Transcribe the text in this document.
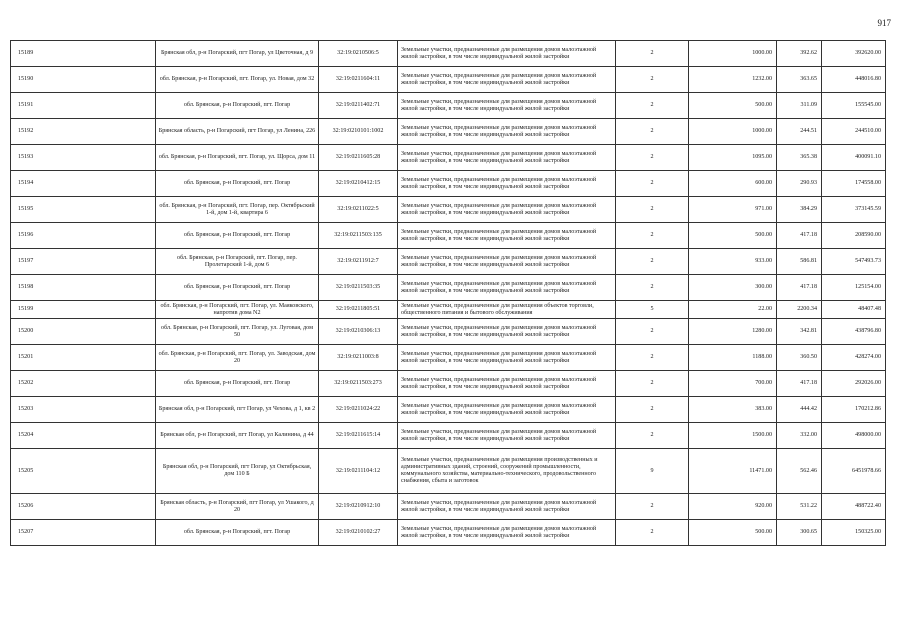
917
15189	Брянская обл, р-н Погарский, пгт Погар, ул Цветочная, д 9	32:19:0210506:5	Земельные участки, предназначенные для размещения домов малоэтажной жилой застройки, в том числе индивидуальной жилой застройки	2	1000.00	392.62	392620.00
15190	обл. Брянская, р-н Погарский, пгт. Погар, ул. Новая, дом 32	32:19:0211604:11	Земельные участки, предназначенные для размещения домов малоэтажной жилой застройки, в том числе индивидуальной жилой застройки	2	1232.00	363.65	448016.80
15191	обл. Брянская, р-н Погарский, пгт. Погар	32:19:0211402:71	Земельные участки, предназначенные для размещения домов малоэтажной жилой застройки, в том числе индивидуальной жилой застройки	2	500.00	311.09	155545.00
15192	Брянская область, р-н Погарский, пгт Погар, ул Ленина, 226	32:19:0210101:1002	Земельные участки, предназначенные для размещения домов малоэтажной жилой застройки, в том числе индивидуальной жилой застройки	2	1000.00	244.51	244510.00
15193	обл. Брянская, р-н Погарский, пгт. Погар, ул. Щорса, дом 11	32:19:0211605:28	Земельные участки, предназначенные для размещения домов малоэтажной жилой застройки, в том числе индивидуальной жилой застройки	2	1095.00	365.38	400091.10
15194	обл. Брянская, р-н Погарский, пгт. Погар	32:19:0210412:15	Земельные участки, предназначенные для размещения домов малоэтажной жилой застройки, в том числе индивидуальной жилой застройки	2	600.00	290.93	174558.00
15195	обл. Брянская, р-н Погарский, пгт. Погар, пер. Октябрьский 1-й, дом 1-й, квартира 6	32:19:0211022:5	Земельные участки, предназначенные для размещения домов малоэтажной жилой застройки, в том числе индивидуальной жилой застройки	2	971.00	384.29	373145.59
15196	обл. Брянская, р-н Погарский, пгт. Погар	32:19:0211503:135	Земельные участки, предназначенные для размещения домов малоэтажной жилой застройки, в том числе индивидуальной жилой застройки	2	500.00	417.18	208590.00
15197	обл. Брянская, р-н Погарский, пгт. Погар, пер. Пролетарский 1-й, дом 6	32:19:0211912:7	Земельные участки, предназначенные для размещения домов малоэтажной жилой застройки, в том числе индивидуальной жилой застройки	2	933.00	586.81	547493.73
15198	обл. Брянская, р-н Погарский, пгт. Погар	32:19:0211503:35	Земельные участки, предназначенные для размещения домов малоэтажной жилой застройки, в том числе индивидуальной жилой застройки	2	300.00	417.18	125154.00
15199	обл. Брянская, р-н Погарский, пгт. Погар, ул. Маяковского, напротив дома N2	32:19:0211805:51	Земельные участки, предназначенные для размещения объектов торговли, общественного питания и бытового обслуживания	5	22.00	2200.34	48407.48
15200	обл. Брянская, р-н Погарский, пгт. Погар, ул. Луговая, дом 50	32:19:0210306:13	Земельные участки, предназначенные для размещения домов малоэтажной жилой застройки, в том числе индивидуальной жилой застройки	2	1280.00	342.81	438796.80
15201	обл. Брянская, р-н Погарский, пгт. Погар, ул. Заводская, дом 20	32:19:0211003:8	Земельные участки, предназначенные для размещения домов малоэтажной жилой застройки, в том числе индивидуальной жилой застройки	2	1188.00	360.50	428274.00
15202	обл. Брянская, р-н Погарский, пгт. Погар	32:19:0211503:273	Земельные участки, предназначенные для размещения домов малоэтажной жилой застройки, в том числе индивидуальной жилой застройки	2	700.00	417.18	292026.00
15203	Брянская обл, р-н Погарский, пгт Погар, ул Чехова, д 1, кв 2	32:19:0211024:22	Земельные участки, предназначенные для размещения домов малоэтажной жилой застройки, в том числе индивидуальной жилой застройки	2	383.00	444.42	170212.86
15204	Брянская обл, р-н Погарский, пгт Погар, ул Калинина, д 44	32:19:0211615:14	Земельные участки, предназначенные для размещения домов малоэтажной жилой застройки, в том числе индивидуальной жилой застройки	2	1500.00	332.00	498000.00
15205	Брянская обл, р-н Погарский, пгт Погар, ул Октябрьская, дом 110 Б	32:19:0211104:12	Земельные участки, предназначенные для размещения производственных и административных зданий, строений, сооружений промышленности, коммунального хозяйства, материально-технического, продовольственного снабжения, сбыта и заготовок	9	11471.00	562.46	6451978.66
15206	Брянская область, р-н Погарский, пгт Погар, ул Ушакого, д 20	32:19:0210912:10	Земельные участки, предназначенные для размещения домов малоэтажной жилой застройки, в том числе индивидуальной жилой застройки	2	920.00	531.22	488722.40
15207	обл. Брянская, р-н Погарский, пгт. Погар	32:19:0210102:27	Земельные участки, предназначенные для размещения домов малоэтажной жилой застройки, в том числе индивидуальной жилой застройки	2	500.00	300.65	150325.00
